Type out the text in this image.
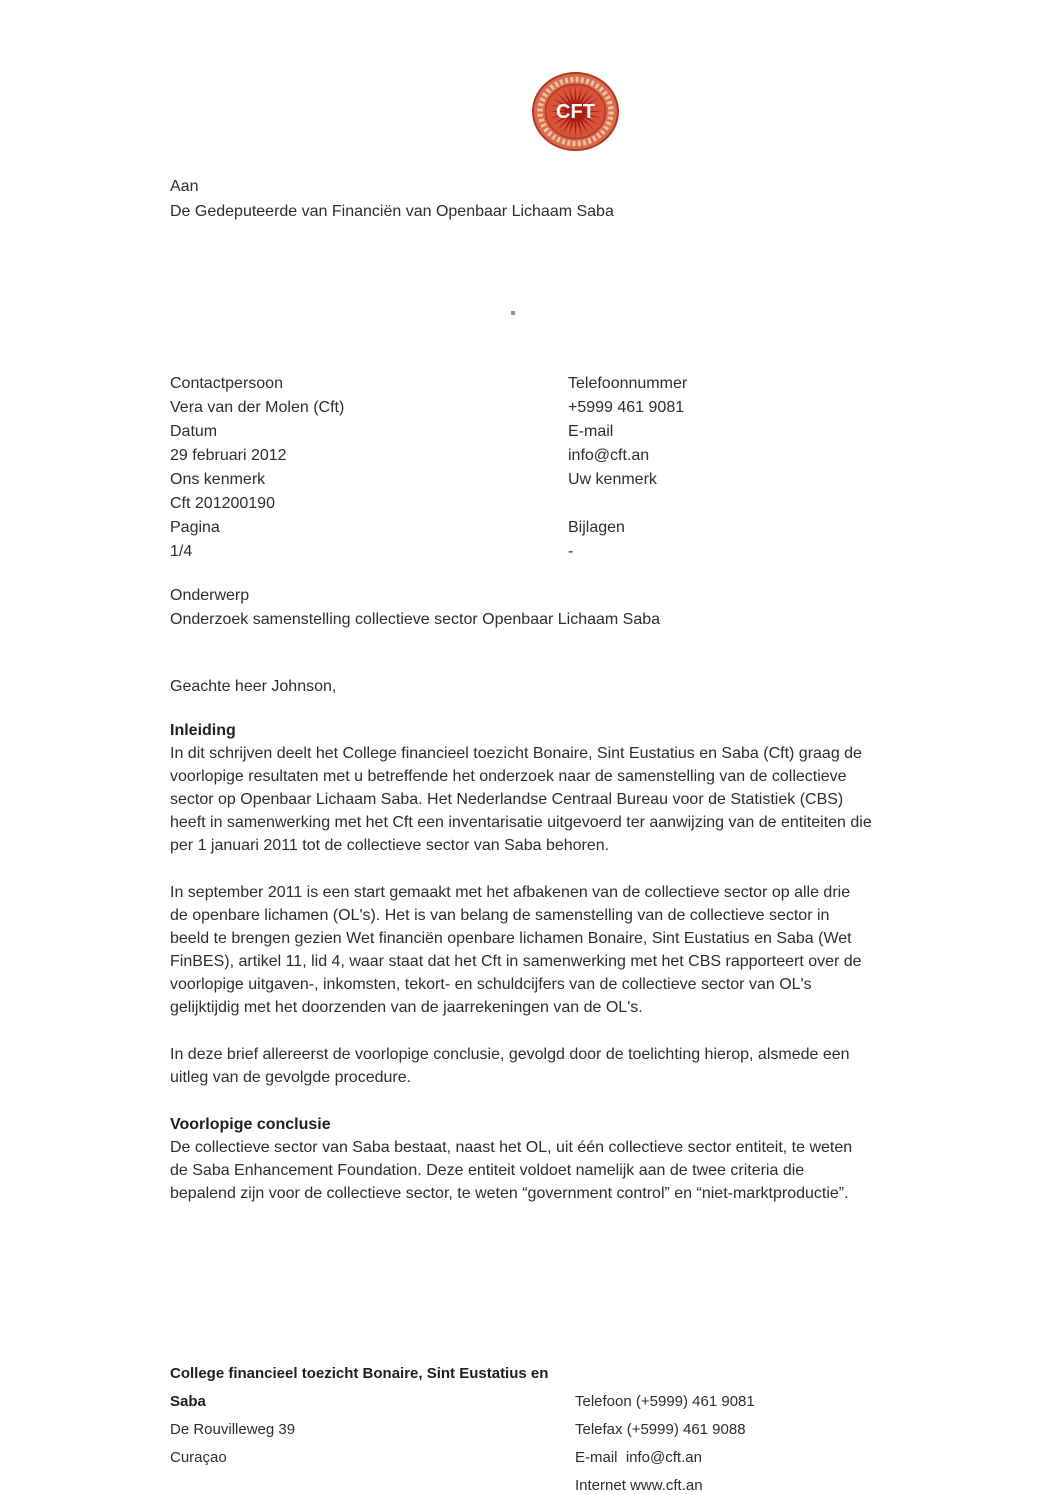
CFT
Aan
De Gedeputeerde van Financiën van Openbaar Lichaam Saba
Contactpersoon
Vera van der Molen (Cft)
Datum
29 februari 2012
Ons kenmerk
Cft 201200190
Pagina
1/4
Telefoonnummer
+5999 461 9081
E-mail
info@cft.an
Uw kenmerk
Bijlagen
-
Onderwerp
Onderzoek samenstelling collectieve sector Openbaar Lichaam Saba
Geachte heer Johnson,
Inleiding

In dit schrijven deelt het College financieel toezicht Bonaire, Sint Eustatius en Saba (Cft) graag de voorlopige resultaten met u betreffende het onderzoek naar de samenstelling van de collectieve sector op Openbaar Lichaam Saba. Het Nederlandse Centraal Bureau voor de Statistiek (CBS) heeft in samenwerking met het Cft een inventarisatie uitgevoerd ter aanwijzing van de entiteiten die per 1 januari 2011 tot de collectieve sector van Saba behoren.

In september 2011 is een start gemaakt met het afbakenen van de collectieve sector op alle drie de openbare lichamen (OL's). Het is van belang de samenstelling van de collectieve sector in beeld te brengen gezien Wet financiën openbare lichamen Bonaire, Sint Eustatius en Saba (Wet FinBES), artikel 11, lid 4, waar staat dat het Cft in samenwerking met het CBS rapporteert over de voorlopige uitgaven-, inkomsten, tekort- en schuldcijfers van de collectieve sector van OL's gelijktijdig met het doorzenden van de jaarrekeningen van de OL's.

In deze brief allereerst de voorlopige conclusie, gevolgd door de toelichting hierop, alsmede een uitleg van de gevolgde procedure.

Voorlopige conclusie

De collectieve sector van Saba bestaat, naast het OL, uit één collectieve sector entiteit, te weten de Saba Enhancement Foundation. Deze entiteit voldoet namelijk aan de twee criteria die bepalend zijn voor de collectieve sector, te weten “government control” en “niet-marktproductie”.

College financieel toezicht Bonaire, Sint Eustatius en Saba
De Rouvilleweg 39
Curaçao
Telefoon (+5999) 461 9081
Telefax (+5999) 461 9088
E-mail  info@cft.an
Internet www.cft.an
